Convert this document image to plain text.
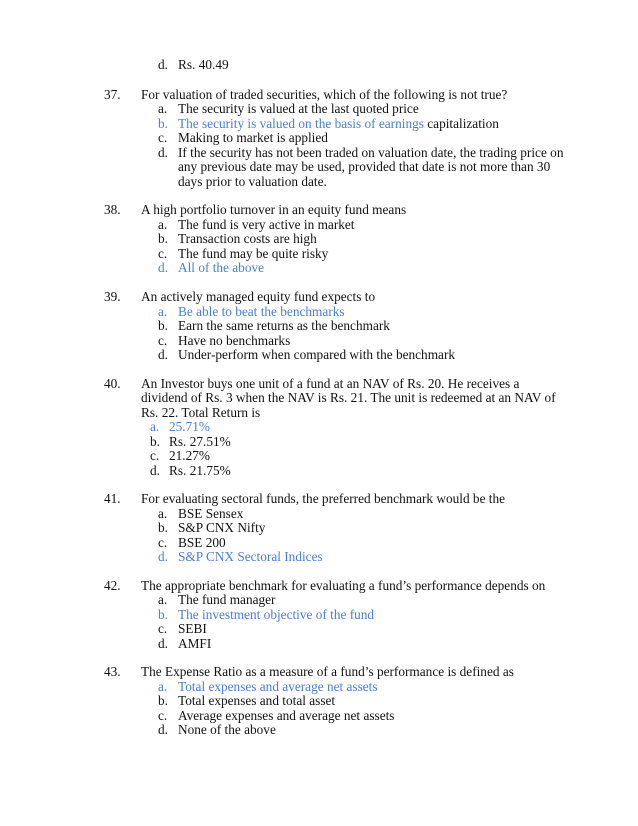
d. Rs. 40.49
37. For valuation of traded securities, which of the following is not true?
a. The security is valued at the last quoted price
b. The security is valued on the basis of earnings capitalization
c. Making to market is applied
d. If the security has not been traded on valuation date, the trading price on
any previous date may be used, provided that date is not more than 30
days prior to valuation date.
38. A high portfolio turnover in an equity fund means
a. The fund is very active in market
b. Transaction costs are high
c. The fund may be quite risky
d. All of the above
39. An actively managed equity fund expects to
a. Be able to beat the benchmarks
b. Earn the same returns as the benchmark
c. Have no benchmarks
d. Under-perform when compared with the benchmark
40. An Investor buys one unit of a fund at an NAV of Rs. 20. He receives a
dividend of Rs. 3 when the NAV is Rs. 21. The unit is redeemed at an NAV of
Rs. 22. Total Return is
a. 25.71%
b. Rs. 27.51%
c. 21.27%
d. Rs. 21.75%
41. For evaluating sectoral funds, the preferred benchmark would be the
a. BSE Sensex
b. S&P CNX Nifty
c. BSE 200
d. S&P CNX Sectoral Indices
42. The appropriate benchmark for evaluating a fund’s performance depends on
a. The fund manager
b. The investment objective of the fund
c. SEBI
d. AMFI
43. The Expense Ratio as a measure of a fund’s performance is defined as
a. Total expenses and average net assets
b. Total expenses and total asset
c. Average expenses and average net assets
d. None of the above
